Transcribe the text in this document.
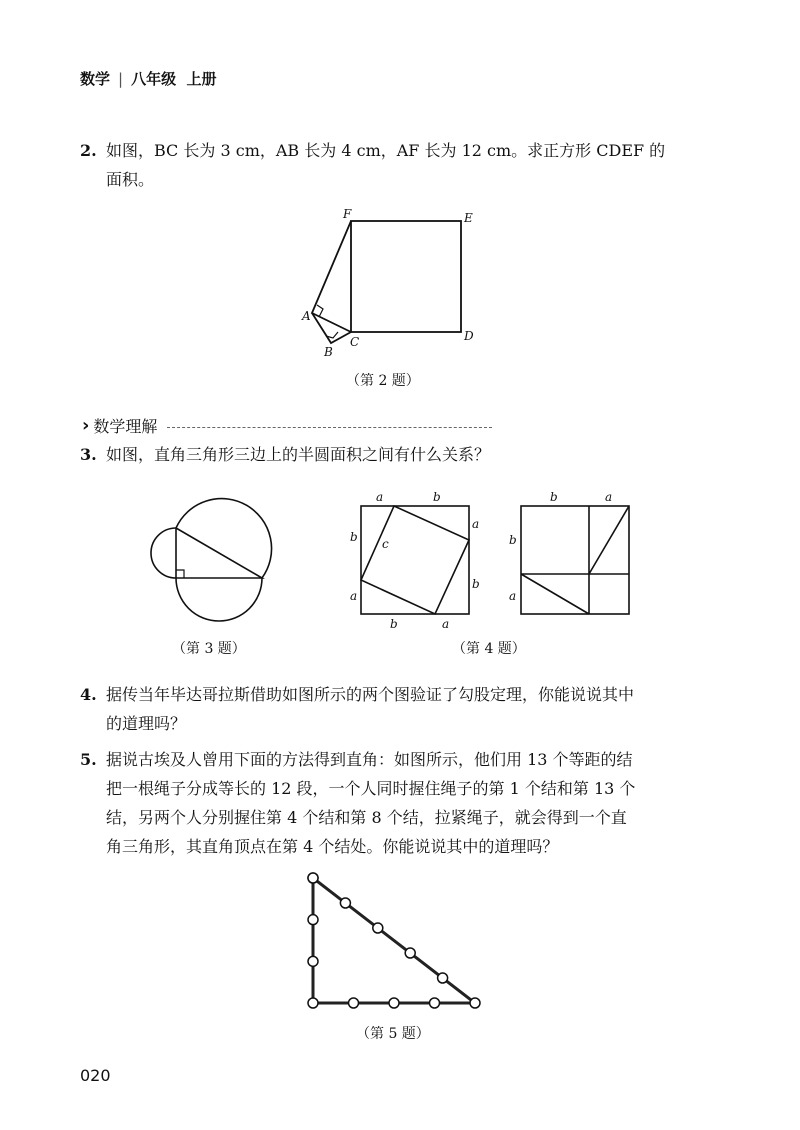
数学 | 八年级 上册
2. 如图，BC 长为 3 cm，AB 长为 4 cm，AF 长为 12 cm。求正方形 CDEF 的
面积。
F	E
A
B
C	D
（第 2 题）
› 数学理解
3. 如图，直角三角形三边上的半圆面积之间有什么关系？
（第 3 题）
a	b
b
a
a
b
b	a
c
b	a
b
a
（第 4 题）
4. 据传当年毕达哥拉斯借助如图所示的两个图验证了勾股定理，你能说说其中
的道理吗？
5. 据说古埃及人曾用下面的方法得到直角：如图所示，他们用 13 个等距的结
把一根绳子分成等长的 12 段，一个人同时握住绳子的第 1 个结和第 13 个
结，另两个人分别握住第 4 个结和第 8 个结，拉紧绳子，就会得到一个直
角三角形，其直角顶点在第 4 个结处。你能说说其中的道理吗？
（第 5 题）
020
